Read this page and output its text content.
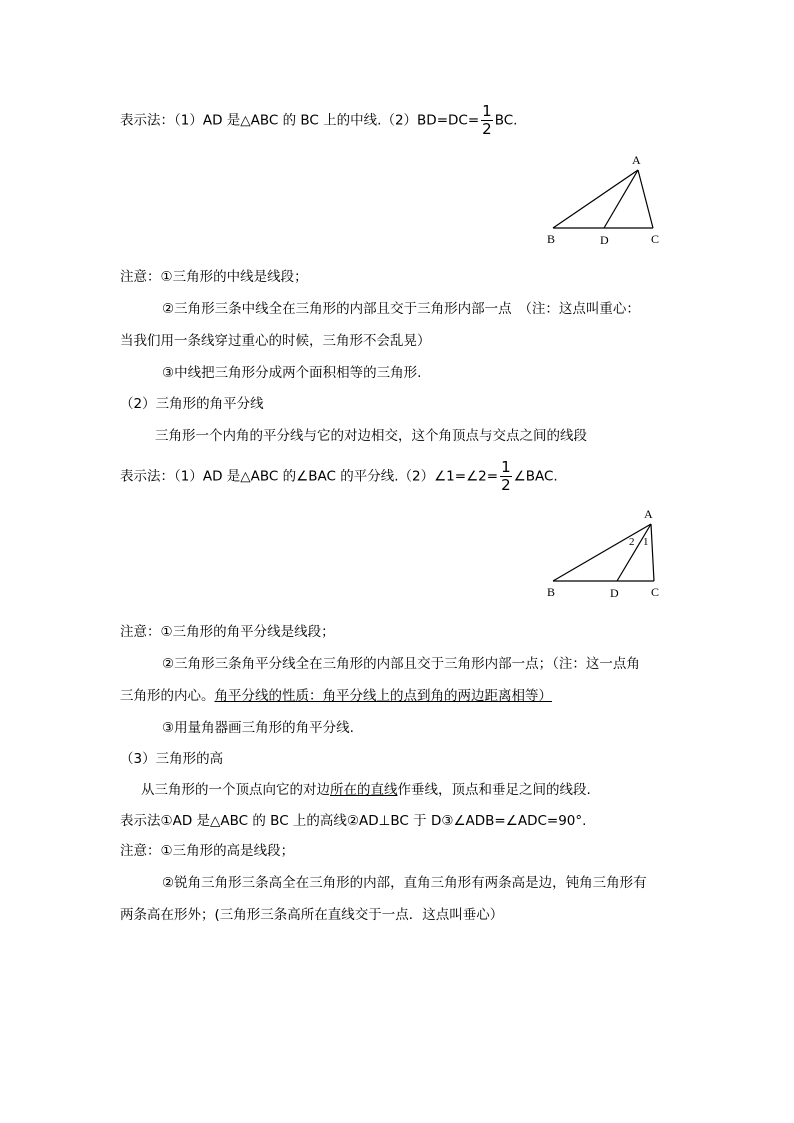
表示法：（1）AD 是△ABC 的 BC 上的中线$.(2)BD=DC= \frac{1}{2}$ BC.
A
B	D	C
注意：①三角形的中线是线段；
②三角形三条中线全在三角形的内部且交于三角形内部一点　（注：这点叫重心：
当我们用一条线穿过重心的时候，三角形不会乱晃）
③中线把三角形分成两个面积相等的三角形.
（2）三角形的角平分线
三角形一个内角的平分线与它的对边相交，这个角顶点与交点之间的线段
表示法：（1）AD 是△ABC 的∠BAC 的平分线.（2）∠1=∠2= $\frac{1}{2}$ ∠BAC.
A
B	D	C
2 1
注意：①三角形的角平分线是线段；
②三角形三条角平分线全在三角形的内部且交于三角形内部一点；（注：这一点角
三角形的内心。角平分线的性质：角平分线上的点到角的两边距离相等）
③用量角器画三角形的角平分线.
（3）三角形的高
从三角形的一个顶点向它的对边所在的直线作垂线，顶点和垂足之间的线段.
表示法①AD 是△ABC 的 BC 上的高线②AD⊥BC 于 D③∠ADB=∠ADC=90°.
注意：①三角形的高是线段；
②锐角三角形三条高全在三角形的内部，直角三角形有两条高是边，钝角三角形有
两条高在形外；(三角形三条高所在直线交于一点．这点叫垂心）
